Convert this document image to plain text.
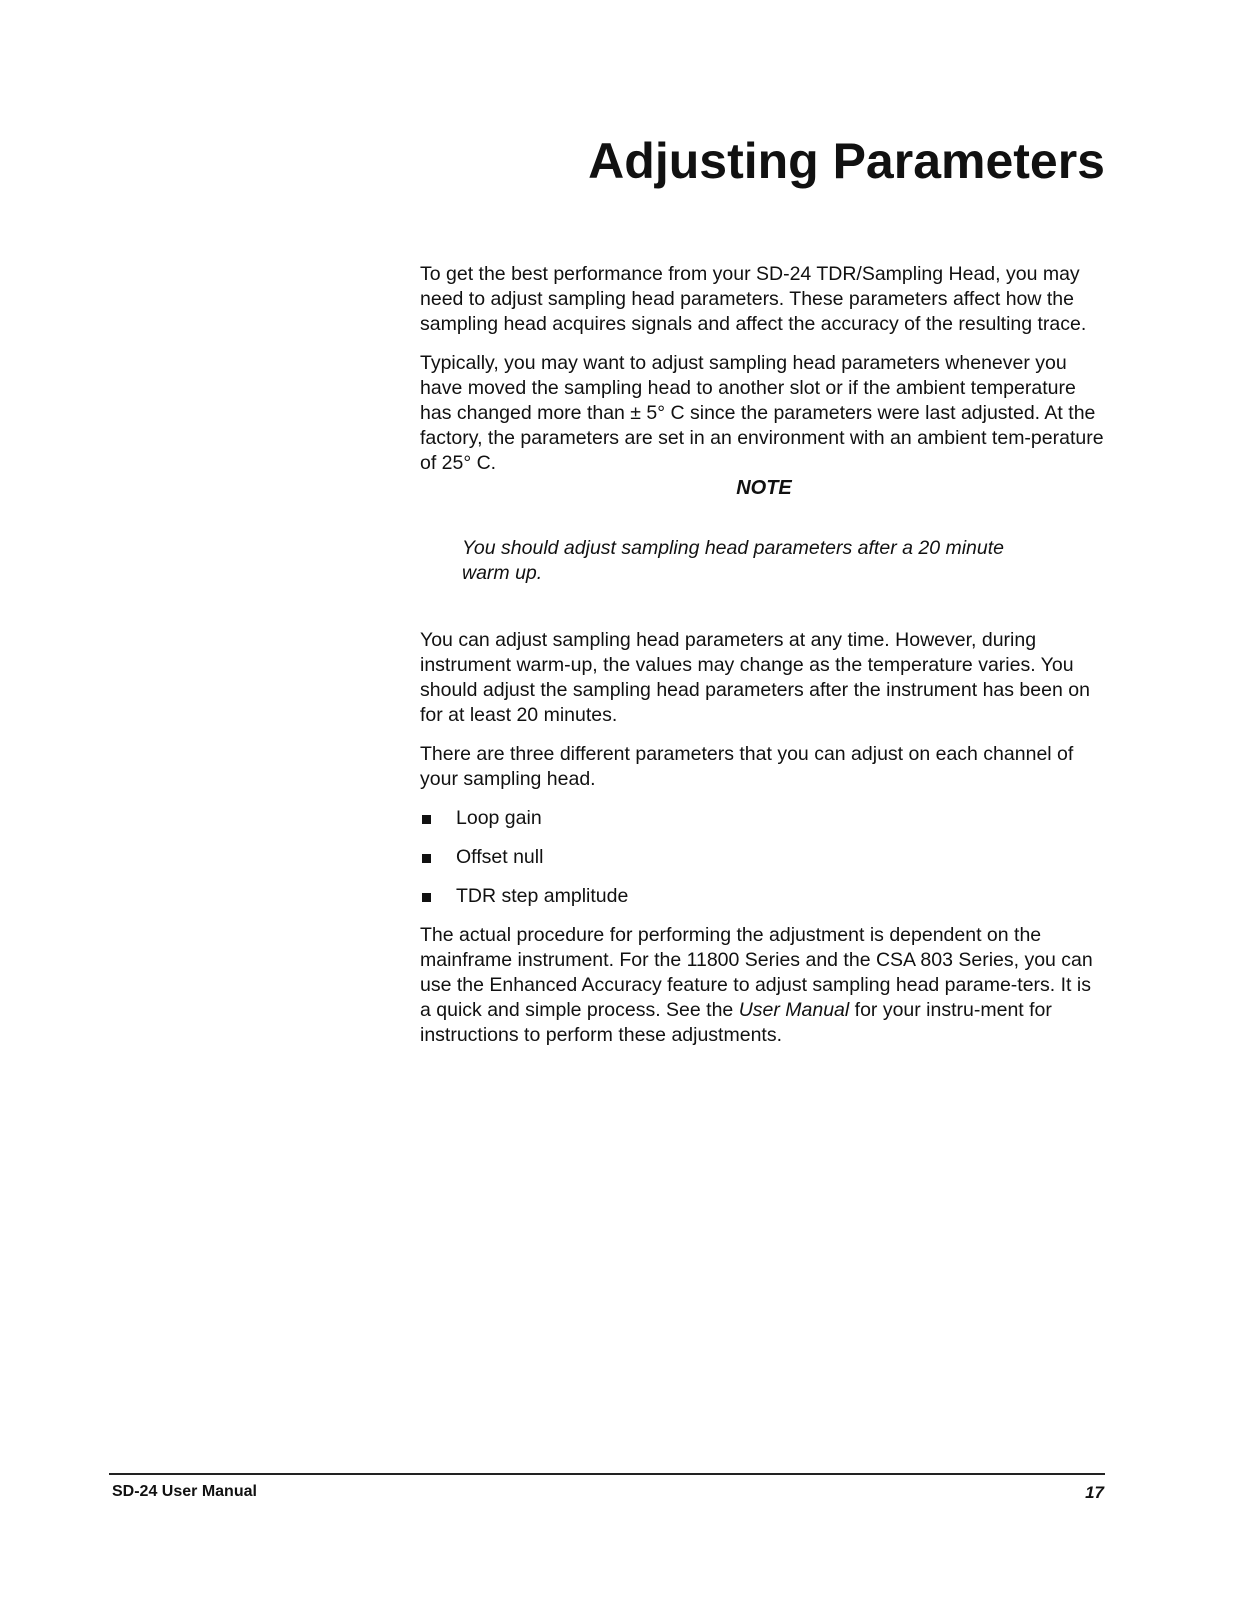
Adjusting Parameters

To get the best performance from your SD-24 TDR/Sampling Head, you may need to adjust sampling head parameters. These parameters affect how the sampling head acquires signals and affect the accuracy of the resulting trace.

Typically, you may want to adjust sampling head parameters whenever you have moved the sampling head to another slot or if the ambient temperature has changed more than ± 5° C since the parameters were last adjusted. At the factory, the parameters are set in an environment with an ambient tem-perature of 25° C.

NOTE

You should adjust sampling head parameters after a 20 minute warm up.

You can adjust sampling head parameters at any time. However, during instrument warm-up, the values may change as the temperature varies. You should adjust the sampling head parameters after the instrument has been on for at least 20 minutes.

There are three different parameters that you can adjust on each channel of your sampling head.

Loop gain
Offset null
TDR step amplitude

The actual procedure for performing the adjustment is dependent on the mainframe instrument. For the 11800 Series and the CSA 803 Series, you can use the Enhanced Accuracy feature to adjust sampling head parame-ters. It is a quick and simple process. See the User Manual for your instru-ment for instructions to perform these adjustments.

SD-24 User Manual	17
